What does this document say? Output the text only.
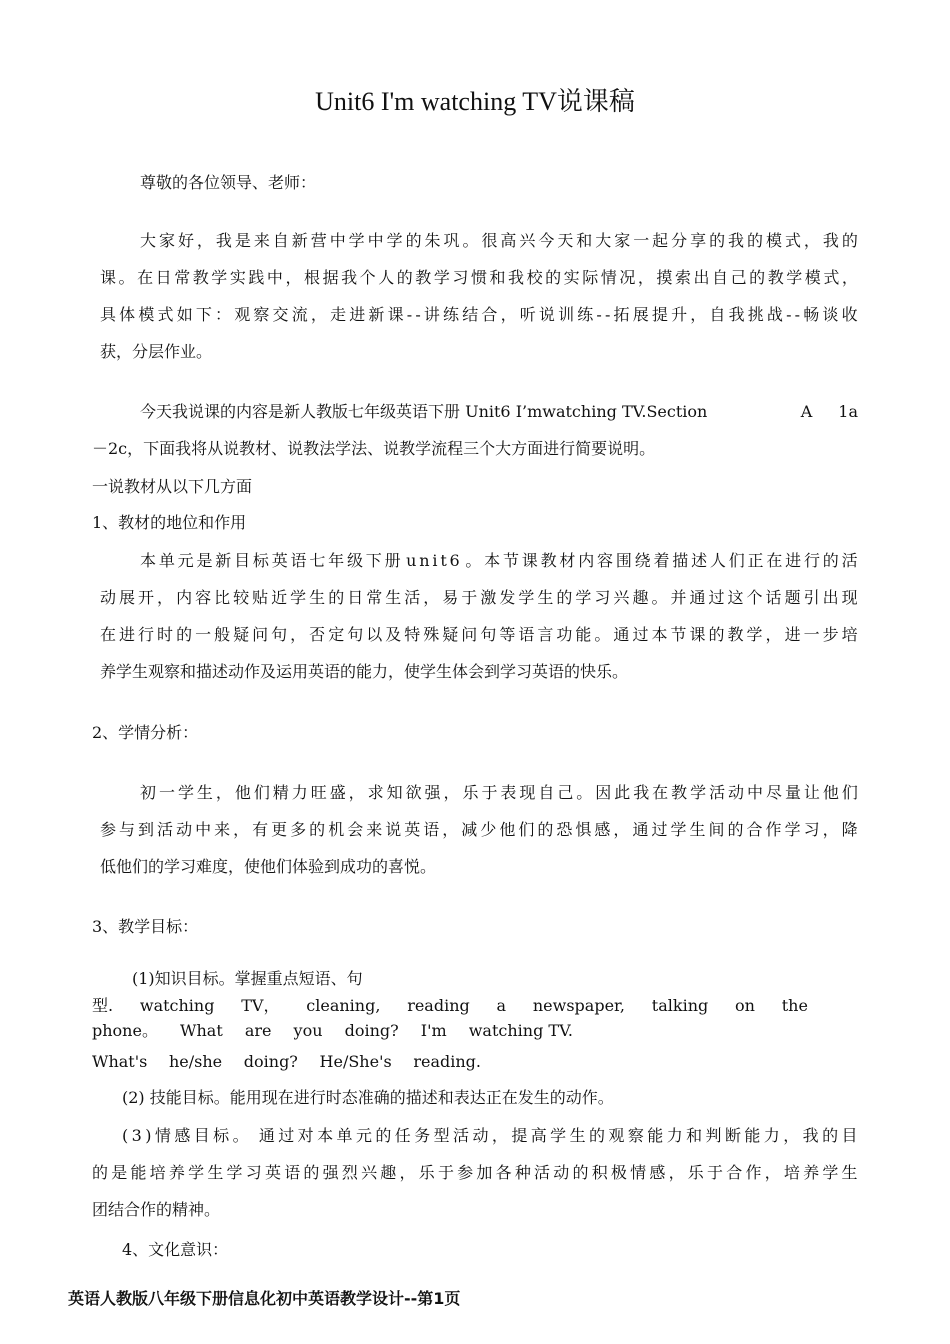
Unit6 I'm watching TV说课稿
尊敬的各位领导、老师：
大 家 好 ， 我 是 来 自 新 营 中 学 中 学 的 朱 巩 。 很 高 兴 今 天 和 大 家 一 起 分 享 的 我 的 模 式 ， 我 的
课 。 在 日 常 教 学 实 践 中 ， 根 据 我 个 人 的 教 学 习 惯 和 我 校 的 实 际 情 况 ， 摸 索 出 自 己 的 教 学 模 式 ，
具 体 模 式 如 下 ： 观 察 交 流 ， 走 进 新 课 - - 讲 练 结 合 ， 听 说 训 练 - - 拓 展 提 升 ， 自 我 挑 战 - - 畅 谈 收
获，分层作业。
今天我说课的内容是新人教版七年级英语下册 Unit6 I’mwatching TV.Section	A 1a
－2c，下面我将从说教材、说教法学法、说教学流程三个大方面进行简要说明。
一说教材从以下几方面
1、教材的地位和作用
本 单 元 是 新 目 标 英 语 七 年 级 下 册 u n i t 6 。 本 节 课 教 材 内 容 围 绕 着 描 述 人 们 正 在 进 行 的 活
动 展 开 ， 内 容 比 较 贴 近 学 生 的 日 常 生 活 ， 易 于 激 发 学 生 的 学 习 兴 趣 。 并 通 过 这 个 话 题 引 出 现
在 进 行 时 的 一 般 疑 问 句 ， 否 定 句 以 及 特 殊 疑 问 句 等 语 言 功 能 。 通 过 本 节 课 的 教 学 ， 进 一 步 培
养学生观察和描述动作及运用英语的能力，使学生体会到学习英语的快乐。
2、学情分析：
初 一 学 生 ， 他 们 精 力 旺 盛 ， 求 知 欲 强 ， 乐 于 表 现 自 己 。 因 此 我 在 教 学 活 动 中 尽 量 让 他 们
参 与 到 活 动 中 来 ， 有 更 多 的 机 会 来 说 英 语 ， 减 少 他 们 的 恐 惧 感 ， 通 过 学 生 间 的 合 作 学 习 ， 降
低他们的学习难度，使他们体验到成功的喜悦。
3、教学目标：
(1)知识目标。掌握重点短语、句
型. watching TV， cleaning, reading a newspaper, talking on the
phone。 What are you doing? I'm watching TV.
What's he/she doing? He/She's reading.
(2) 技能目标。能用现在进行时态准确的描述和表达正在发生的动作。
( 3 ) 情 感 目 标 。 通 过 对 本 单 元 的 任 务 型 活 动 ， 提 高 学 生 的 观 察 能 力 和 判 断 能 力 ， 我 的 目
的 是 能 培 养 学 生 学 习 英 语 的 强 烈 兴 趣 ， 乐 于 参 加 各 种 活 动 的 积 极 情 感 ， 乐 于 合 作 ， 培 养 学 生
团结合作的精神。
4、文化意识：
英语人教版八年级下册信息化初中英语教学设计--第1页
